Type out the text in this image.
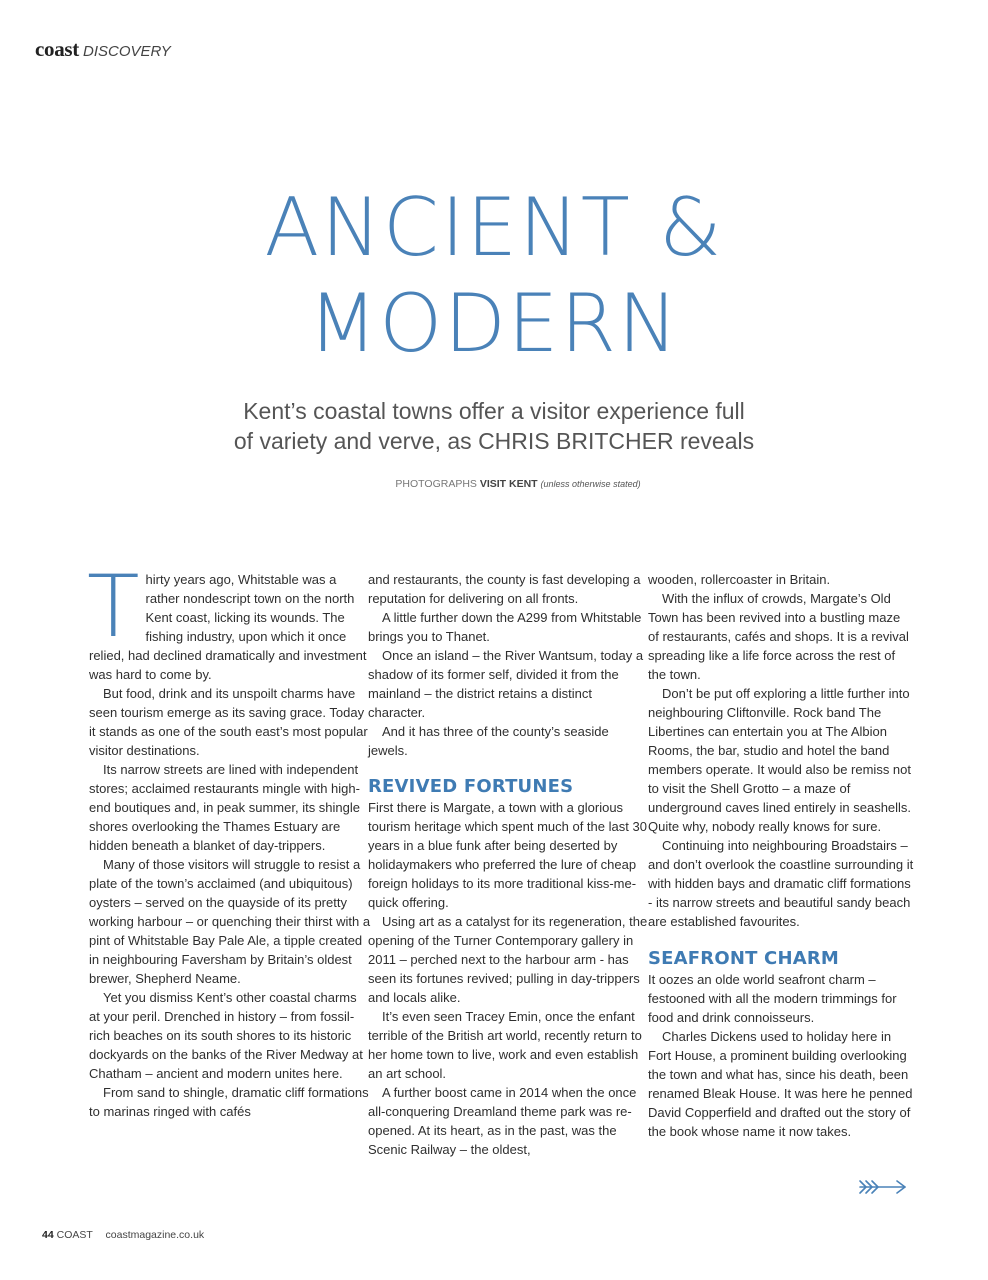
coast DISCOVERY
ANCIENT &
MODERN
Kent’s coastal towns offer a visitor experience full
of variety and verve, as CHRIS BRITCHER reveals
PHOTOGRAPHS VISIT KENT (unless otherwise stated)

Thirty years ago, Whitstable was a rather nondescript town on the north Kent coast, licking its wounds. The fishing industry, upon which it once relied, had declined dramatically and investment was hard to come by.

But food, drink and its unspoilt charms have seen tourism emerge as its saving grace. Today it stands as one of the south east’s most popular visitor destinations.

Its narrow streets are lined with independent stores; acclaimed restaurants mingle with high-end boutiques and, in peak summer, its shingle shores overlooking the Thames Estuary are hidden beneath a blanket of day-trippers.

Many of those visitors will struggle to resist a plate of the town’s acclaimed (and ubiquitous) oysters – served on the quayside of its pretty working harbour – or quenching their thirst with a pint of Whitstable Bay Pale Ale, a tipple created in neighbouring Faversham by Britain’s oldest brewer, Shepherd Neame.

Yet you dismiss Kent’s other coastal charms at your peril. Drenched in history – from fossil-rich beaches on its south shores to its historic dockyards on the banks of the River Medway at Chatham – ancient and modern unites here.

From sand to shingle, dramatic cliff formations to marinas ringed with cafés

and restaurants, the county is fast developing a reputation for delivering on all fronts.

A little further down the A299 from Whitstable brings you to Thanet.

Once an island – the River Wantsum, today a shadow of its former self, divided it from the mainland – the district retains a distinct character.

And it has three of the county’s seaside jewels.

REVIVED FORTUNES

First there is Margate, a town with a glorious tourism heritage which spent much of the last 30 years in a blue funk after being deserted by holidaymakers who preferred the lure of cheap foreign holidays to its more traditional kiss-me-quick offering.

Using art as a catalyst for its regeneration, the opening of the Turner Contemporary gallery in 2011 – perched next to the harbour arm - has seen its fortunes revived; pulling in day-trippers and locals alike.

It’s even seen Tracey Emin, once the enfant terrible of the British art world, recently return to her home town to live, work and even establish an art school.

A further boost came in 2014 when the once all-conquering Dreamland theme park was re-opened. At its heart, as in the past, was the Scenic Railway – the oldest,

wooden, rollercoaster in Britain.

With the influx of crowds, Margate’s Old Town has been revived into a bustling maze of restaurants, cafés and shops. It is a revival spreading like a life force across the rest of the town.

Don’t be put off exploring a little further into neighbouring Cliftonville. Rock band The Libertines can entertain you at The Albion Rooms, the bar, studio and hotel the band members operate. It would also be remiss not to visit the Shell Grotto – a maze of underground caves lined entirely in seashells. Quite why, nobody really knows for sure.

Continuing into neighbouring Broadstairs – and don’t overlook the coastline surrounding it with hidden bays and dramatic cliff formations - its narrow streets and beautiful sandy beach are established favourites.

SEAFRONT CHARM

It oozes an olde world seafront charm – festooned with all the modern trimmings for food and drink connoisseurs.

Charles Dickens used to holiday here in Fort House, a prominent building overlooking the town and what has, since his death, been renamed Bleak House. It was here he penned David Copperfield and drafted out the story of the book whose name it now takes.

44 COAST coastmagazine.co.uk
